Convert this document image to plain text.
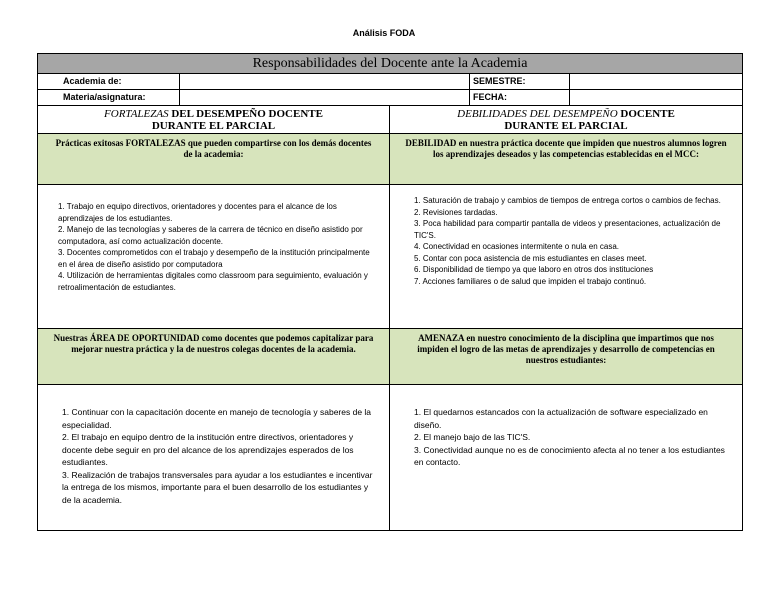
Análisis FODA
Responsabilidades del Docente ante la Academia
Academia de:	SEMESTRE:
Materia/asignatura:	FECHA:
FORTALEZAS DEL DESEMPEÑO DOCENTE
DURANTE EL PARCIAL
DEBILIDADES DEL DESEMPEÑO DOCENTE
DURANTE EL PARCIAL
Prácticas exitosas FORTALEZAS que pueden compartirse con los demás docentes de la academia:
DEBILIDAD en nuestra práctica docente que impiden que nuestros alumnos logren los aprendizajes deseados y las competencias establecidas en el MCC:
1. Trabajo en equipo directivos, orientadores y docentes para el alcance de los aprendizajes de los estudiantes.
2. Manejo de las tecnologías y saberes de la carrera de técnico en diseño asistido por computadora, así como actualización docente.
3. Docentes comprometidos con el trabajo y desempeño de la institución principalmente en el área de diseño asistido por computadora
4. Utilización de herramientas digitales como classroom para seguimiento, evaluación y retroalimentación de estudiantes.
1. Saturación de trabajo y cambios de tiempos de entrega cortos o cambios de fechas.
2. Revisiones tardadas.
3. Poca habilidad para compartir pantalla de videos y presentaciones, actualización de TIC'S.
4. Conectividad en ocasiones intermitente o nula en casa.
5. Contar con poca asistencia de mis estudiantes en clases meet.
6. Disponibilidad de tiempo ya que laboro en otros dos instituciones
7. Acciones familiares o de salud que impiden el trabajo continuó.
Nuestras ÁREA DE OPORTUNIDAD como docentes que podemos capitalizar para mejorar nuestra práctica y la de nuestros colegas docentes de la academia.
AMENAZA en nuestro conocimiento de la disciplina que impartimos que nos impiden el logro de las metas de aprendizajes y desarrollo de competencias en nuestros estudiantes:
1. Continuar con la capacitación docente en manejo de tecnología y saberes de la especialidad.
2. El trabajo en equipo dentro de la institución entre directivos, orientadores y docente debe seguir en pro del alcance de los aprendizajes esperados de los estudiantes.
3. Realización de trabajos transversales para ayudar a los estudiantes e incentivar la entrega de los mismos, importante para el buen desarrollo de los estudiantes y de la academia.
1. El quedarnos estancados con la actualización de software especializado en diseño.
2. El manejo bajo de las TIC'S.
3. Conectividad aunque no es de conocimiento afecta al no tener a los estudiantes en contacto.
